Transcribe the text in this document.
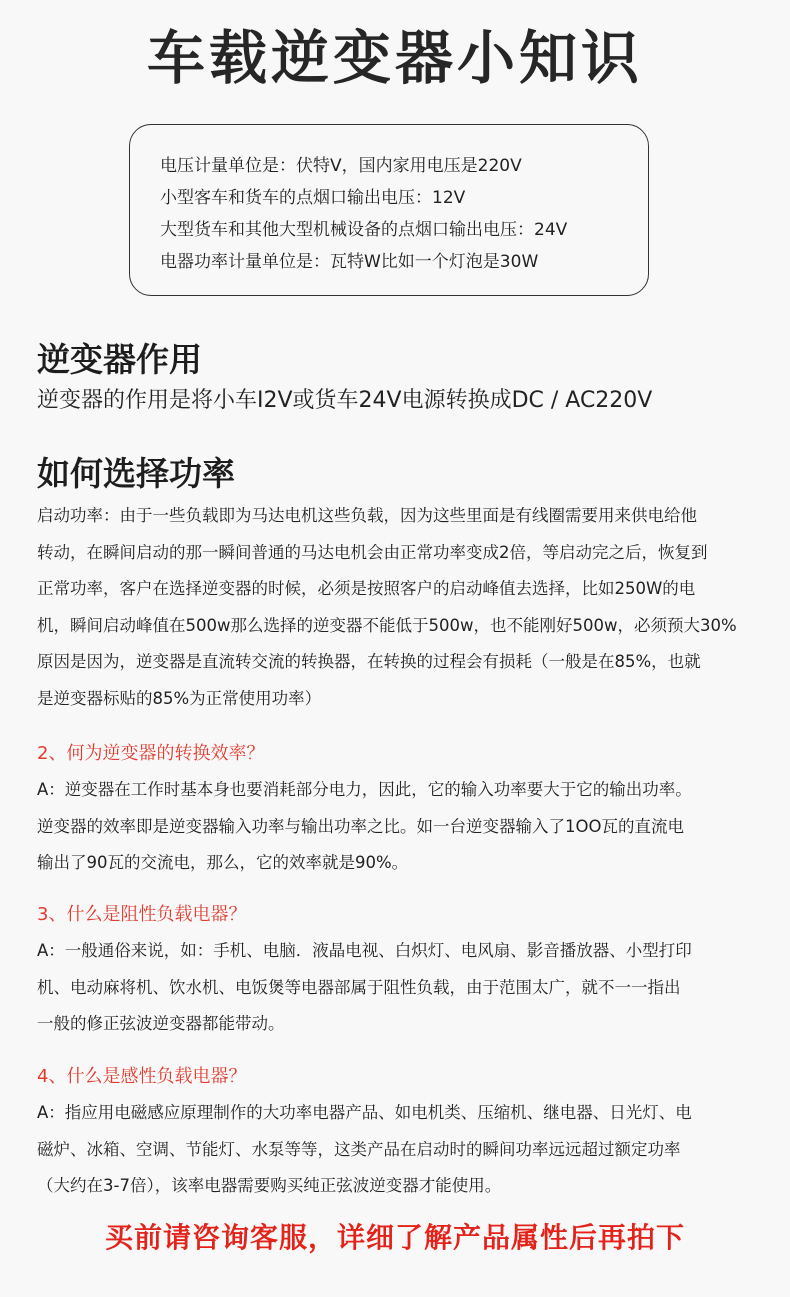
车载逆变器小知识
电压计量单位是：伏特V，国内家用电压是220V
小型客车和货车的点烟口输出电压：12V
大型货车和其他大型机械设备的点烟口输出电压：24V
电器功率计量单位是：瓦特W比如一个灯泡是30W
逆变器作用
逆变器的作用是将小车I2V或货车24V电源转换成DC / AC220V
如何选择功率
启动功率：由于一些负载即为马达电机这些负载，因为这些里面是有线圈需要用来供电给他
转动，在瞬间启动的那一瞬间普通的马达电机会由正常功率变成2倍，等启动完之后，恢复到
正常功率，客户在选择逆变器的时候，必须是按照客户的启动峰值去选择，比如250W的电
机，瞬间启动峰值在500w那么选择的逆变器不能低于500w，也不能刚好500w，必须预大30%
原因是因为，逆变器是直流转交流的转换器，在转换的过程会有损耗（一般是在85%，也就
是逆变器标贴的85%为正常使用功率）
2、何为逆变器的转换效率？
A：逆变器在工作时基本身也要消耗部分电力，因此，它的输入功率要大于它的输出功率。
逆变器的效率即是逆变器输入功率与输出功率之比。如一台逆变器输入了1OO瓦的直流电
输出了90瓦的交流电，那么，它的效率就是90%。
3、什么是阻性负载电器？
A：一般通俗来说，如：手机、电脑．液晶电视、白炽灯、电风扇、影音播放器、小型打印
机、电动麻将机、饮水机、电饭煲等电器部属于阻性负载，由于范围太广，就不一一指出
一般的修正弦波逆变器都能带动。
4、什么是感性负载电器？
A：指应用电磁感应原理制作的大功率电器产品、如电机类、压缩机、继电器、日光灯、电
磁炉、冰箱、空调、节能灯、水泵等等，这类产品在启动时的瞬间功率远远超过额定功率
（大约在3-7倍），该率电器需要购买纯正弦波逆变器才能使用。
买前请咨询客服，详细了解产品属性后再拍下
